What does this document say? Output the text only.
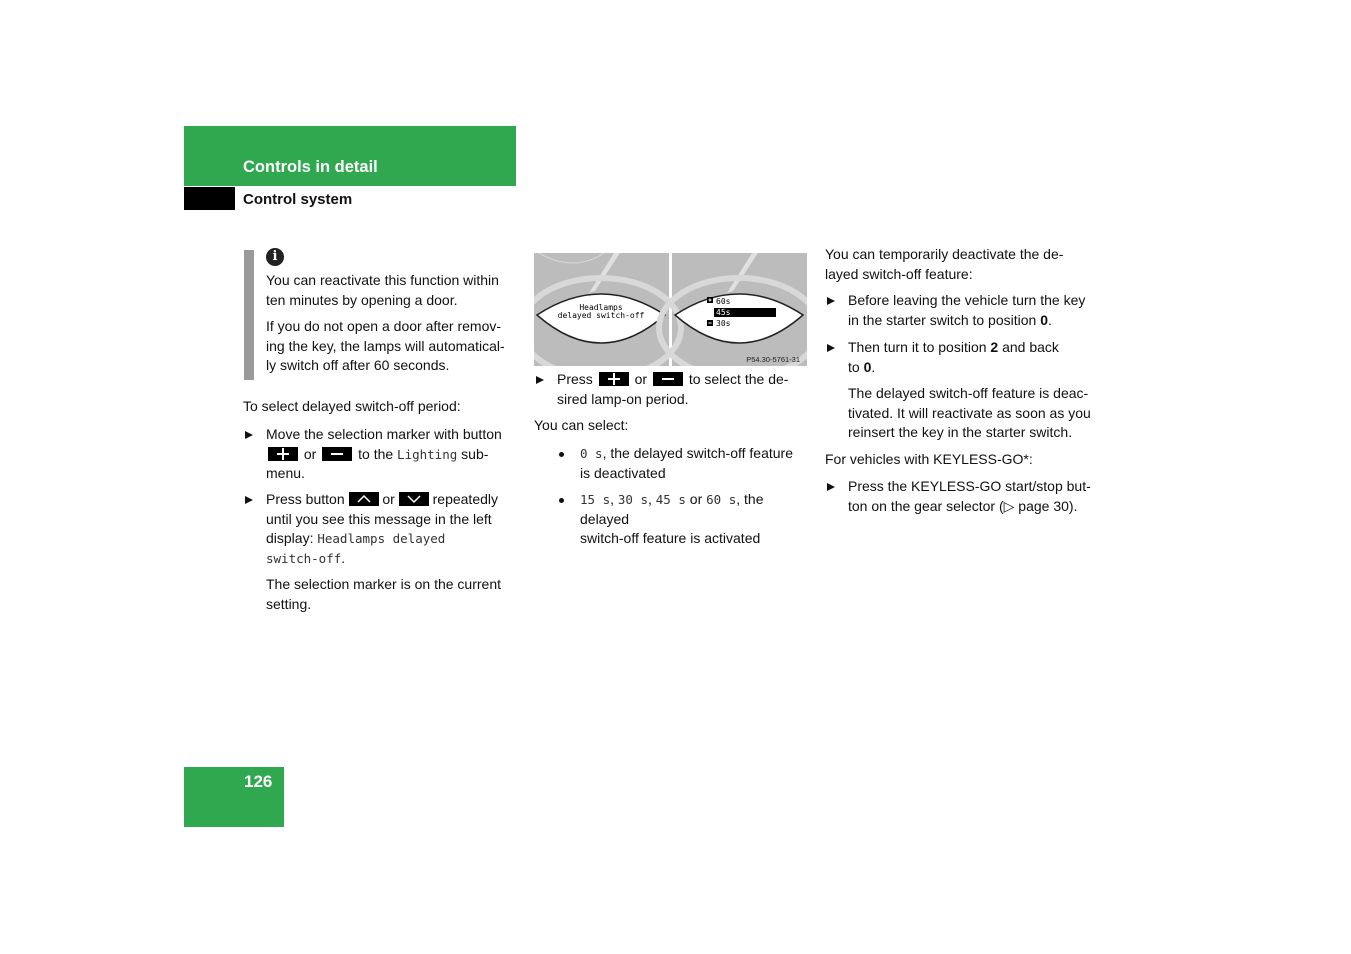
Controls in detail
Control system
i

You can reactivate this function within

ten minutes by opening a door.

If you do not open a door after remov-

ing the key, the lamps will automatical-

ly switch off after 60 seconds.

To select delayed switch-off period:

Move the selection marker with button

or	to the Lighting sub-

menu.

Press button	or	repeatedly

until you see this message in the left

display: Headlamps delayed

switch-off.

The selection marker is on the current

setting.

Headlamps
delayed switch-off
60s
45s
30s
P54.30-5761-31

Press	or	to select the de-

sired lamp-on period.

You can select:

0 s, the delayed switch-off feature

is deactivated

15 s, 30 s, 45 s or 60 s, the delayed

switch-off feature is activated

You can temporarily deactivate the de-

layed switch-off feature:

Before leaving the vehicle turn the key

in the starter switch to position 0.

Then turn it to position 2 and back

to 0.

The delayed switch-off feature is deac-

tivated. It will reactivate as soon as you

reinsert the key in the starter switch.

For vehicles with KEYLESS-GO*:

Press the KEYLESS-GO start/stop but-

ton on the gear selector (▷ page 30).

126
